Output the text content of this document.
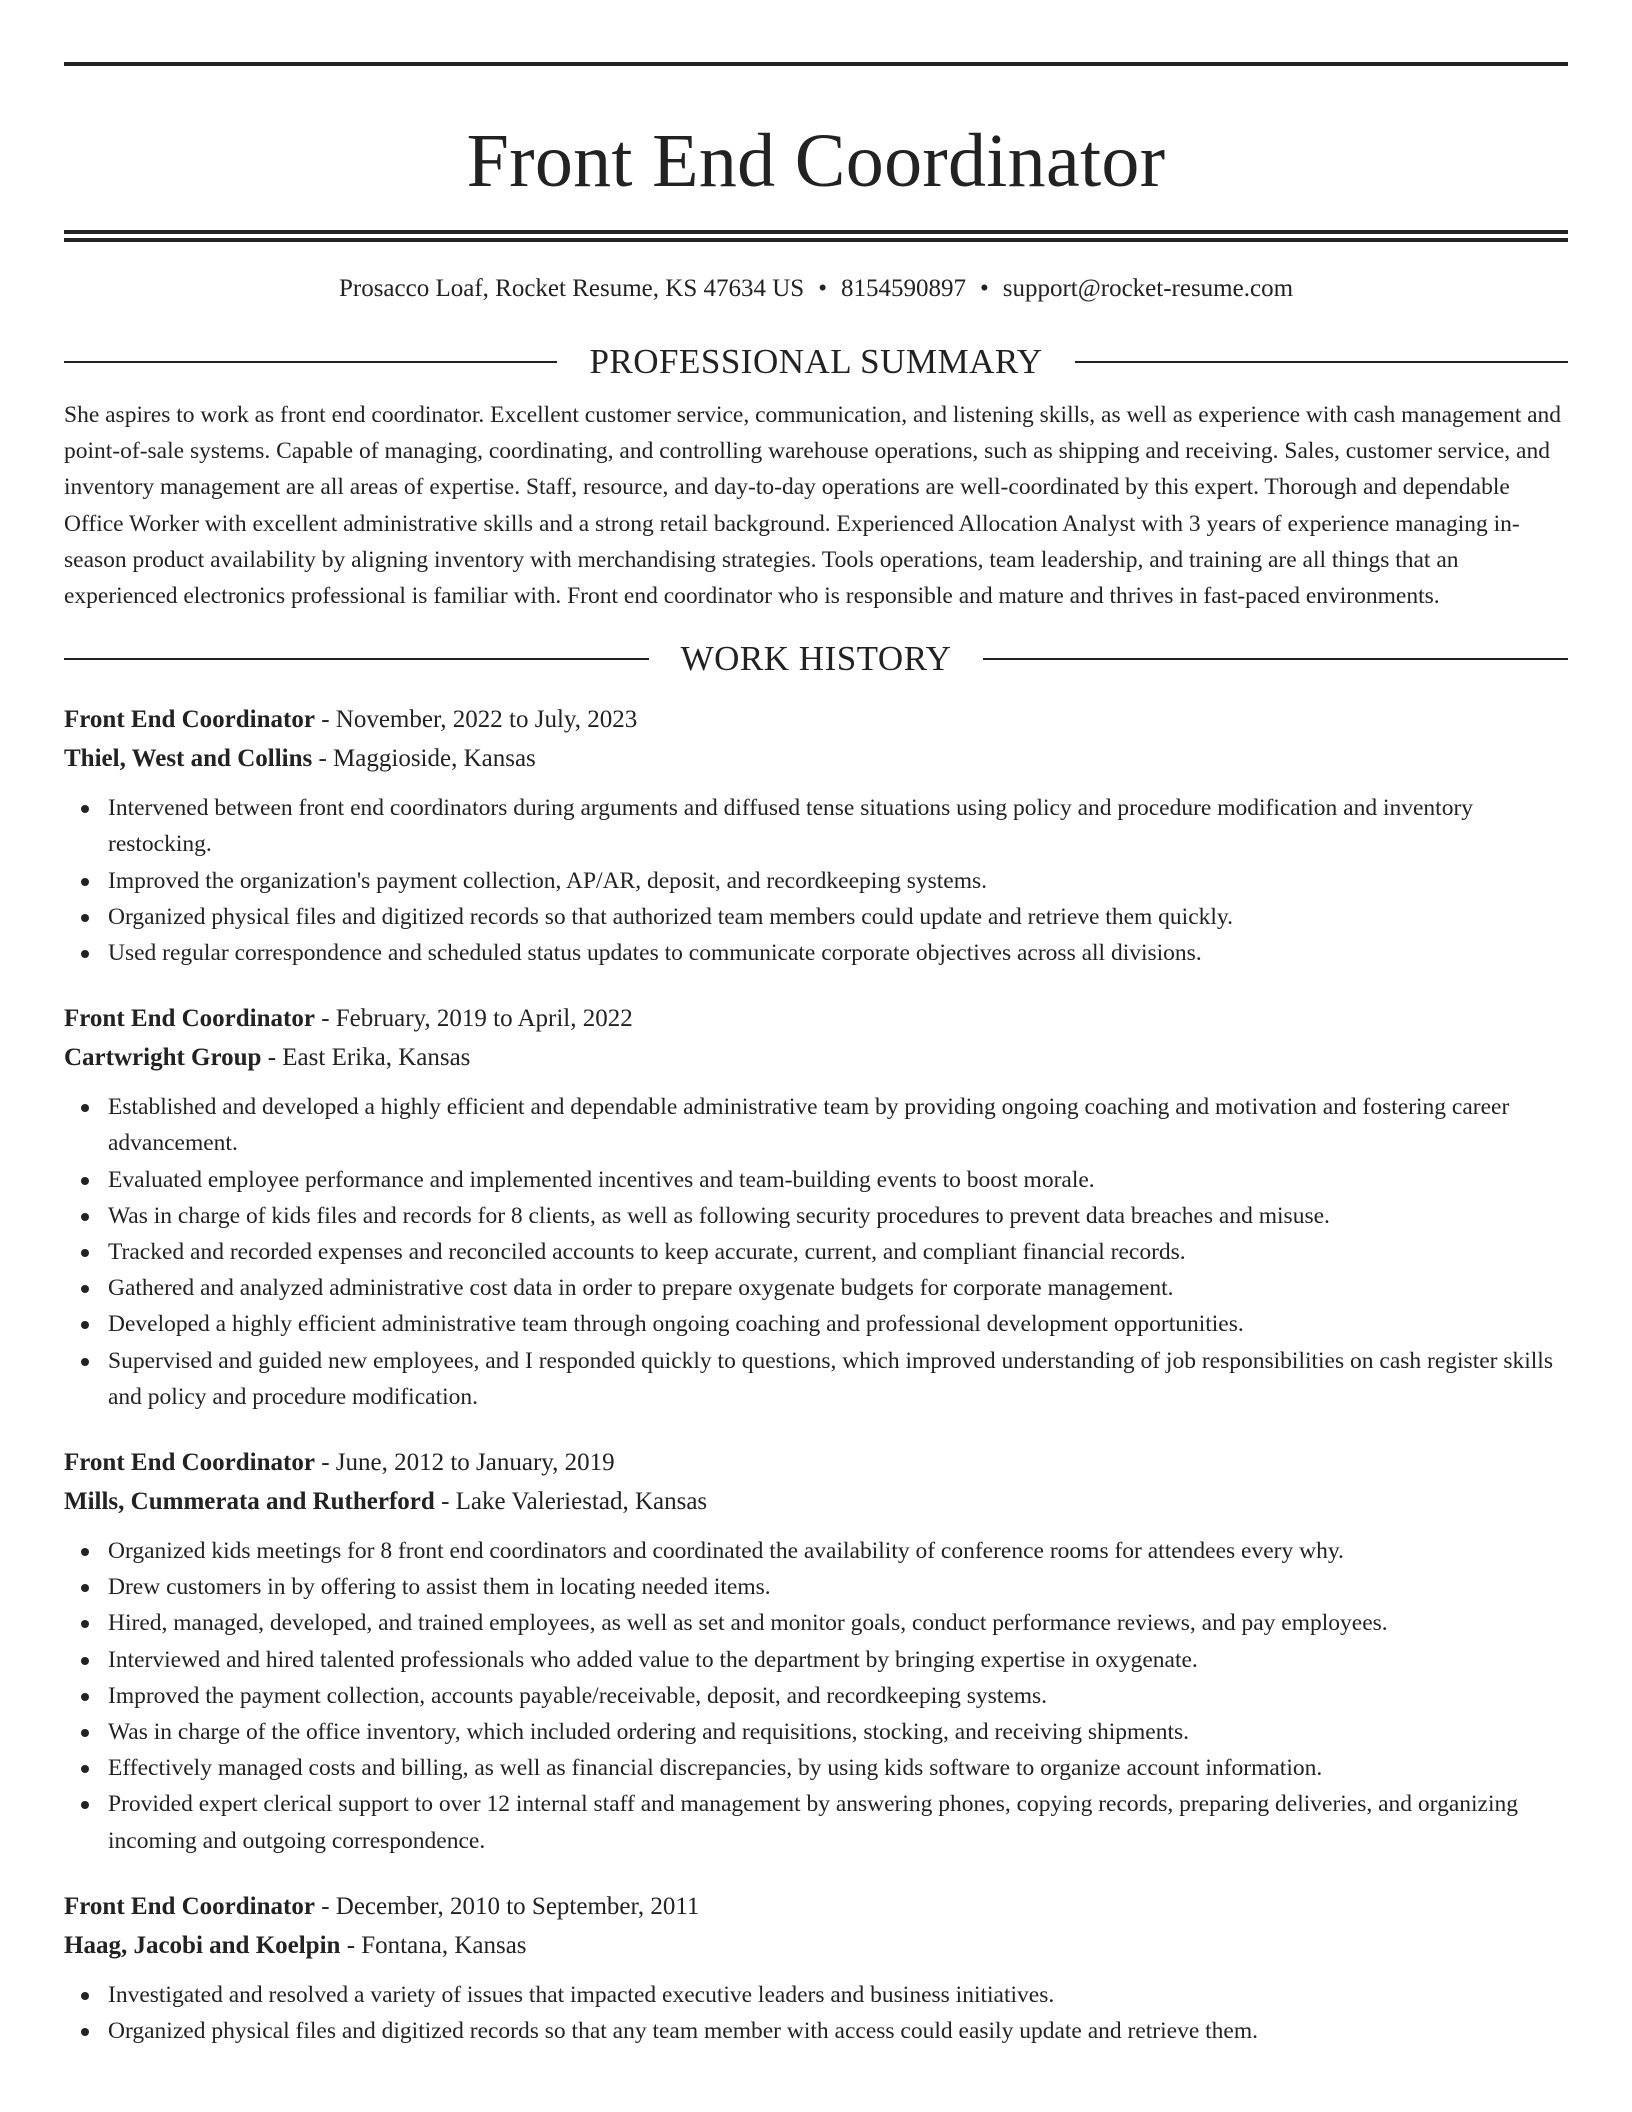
Front End Coordinator
Prosacco Loaf, Rocket Resume, KS 47634 US • 8154590897 • support@rocket-resume.com
PROFESSIONAL SUMMARY
She aspires to work as front end coordinator. Excellent customer service, communication, and listening skills, as well as experience with cash management and point-of-sale systems. Capable of managing, coordinating, and controlling warehouse operations, such as shipping and receiving. Sales, customer service, and inventory management are all areas of expertise. Staff, resource, and day-to-day operations are well-coordinated by this expert. Thorough and dependable Office Worker with excellent administrative skills and a strong retail background. Experienced Allocation Analyst with 3 years of experience managing in-season product availability by aligning inventory with merchandising strategies. Tools operations, team leadership, and training are all things that an experienced electronics professional is familiar with. Front end coordinator who is responsible and mature and thrives in fast-paced environments.
WORK HISTORY
Front End Coordinator - November, 2022 to July, 2023
Thiel, West and Collins - Maggioside, Kansas
Intervened between front end coordinators during arguments and diffused tense situations using policy and procedure modification and inventory restocking.
Improved the organization's payment collection, AP/AR, deposit, and recordkeeping systems.
Organized physical files and digitized records so that authorized team members could update and retrieve them quickly.
Used regular correspondence and scheduled status updates to communicate corporate objectives across all divisions.
Front End Coordinator - February, 2019 to April, 2022
Cartwright Group - East Erika, Kansas
Established and developed a highly efficient and dependable administrative team by providing ongoing coaching and motivation and fostering career advancement.
Evaluated employee performance and implemented incentives and team-building events to boost morale.
Was in charge of kids files and records for 8 clients, as well as following security procedures to prevent data breaches and misuse.
Tracked and recorded expenses and reconciled accounts to keep accurate, current, and compliant financial records.
Gathered and analyzed administrative cost data in order to prepare oxygenate budgets for corporate management.
Developed a highly efficient administrative team through ongoing coaching and professional development opportunities.
Supervised and guided new employees, and I responded quickly to questions, which improved understanding of job responsibilities on cash register skills and policy and procedure modification.
Front End Coordinator - June, 2012 to January, 2019
Mills, Cummerata and Rutherford - Lake Valeriestad, Kansas
Organized kids meetings for 8 front end coordinators and coordinated the availability of conference rooms for attendees every why.
Drew customers in by offering to assist them in locating needed items.
Hired, managed, developed, and trained employees, as well as set and monitor goals, conduct performance reviews, and pay employees.
Interviewed and hired talented professionals who added value to the department by bringing expertise in oxygenate.
Improved the payment collection, accounts payable/receivable, deposit, and recordkeeping systems.
Was in charge of the office inventory, which included ordering and requisitions, stocking, and receiving shipments.
Effectively managed costs and billing, as well as financial discrepancies, by using kids software to organize account information.
Provided expert clerical support to over 12 internal staff and management by answering phones, copying records, preparing deliveries, and organizing incoming and outgoing correspondence.
Front End Coordinator - December, 2010 to September, 2011
Haag, Jacobi and Koelpin - Fontana, Kansas
Investigated and resolved a variety of issues that impacted executive leaders and business initiatives.
Organized physical files and digitized records so that any team member with access could easily update and retrieve them.
